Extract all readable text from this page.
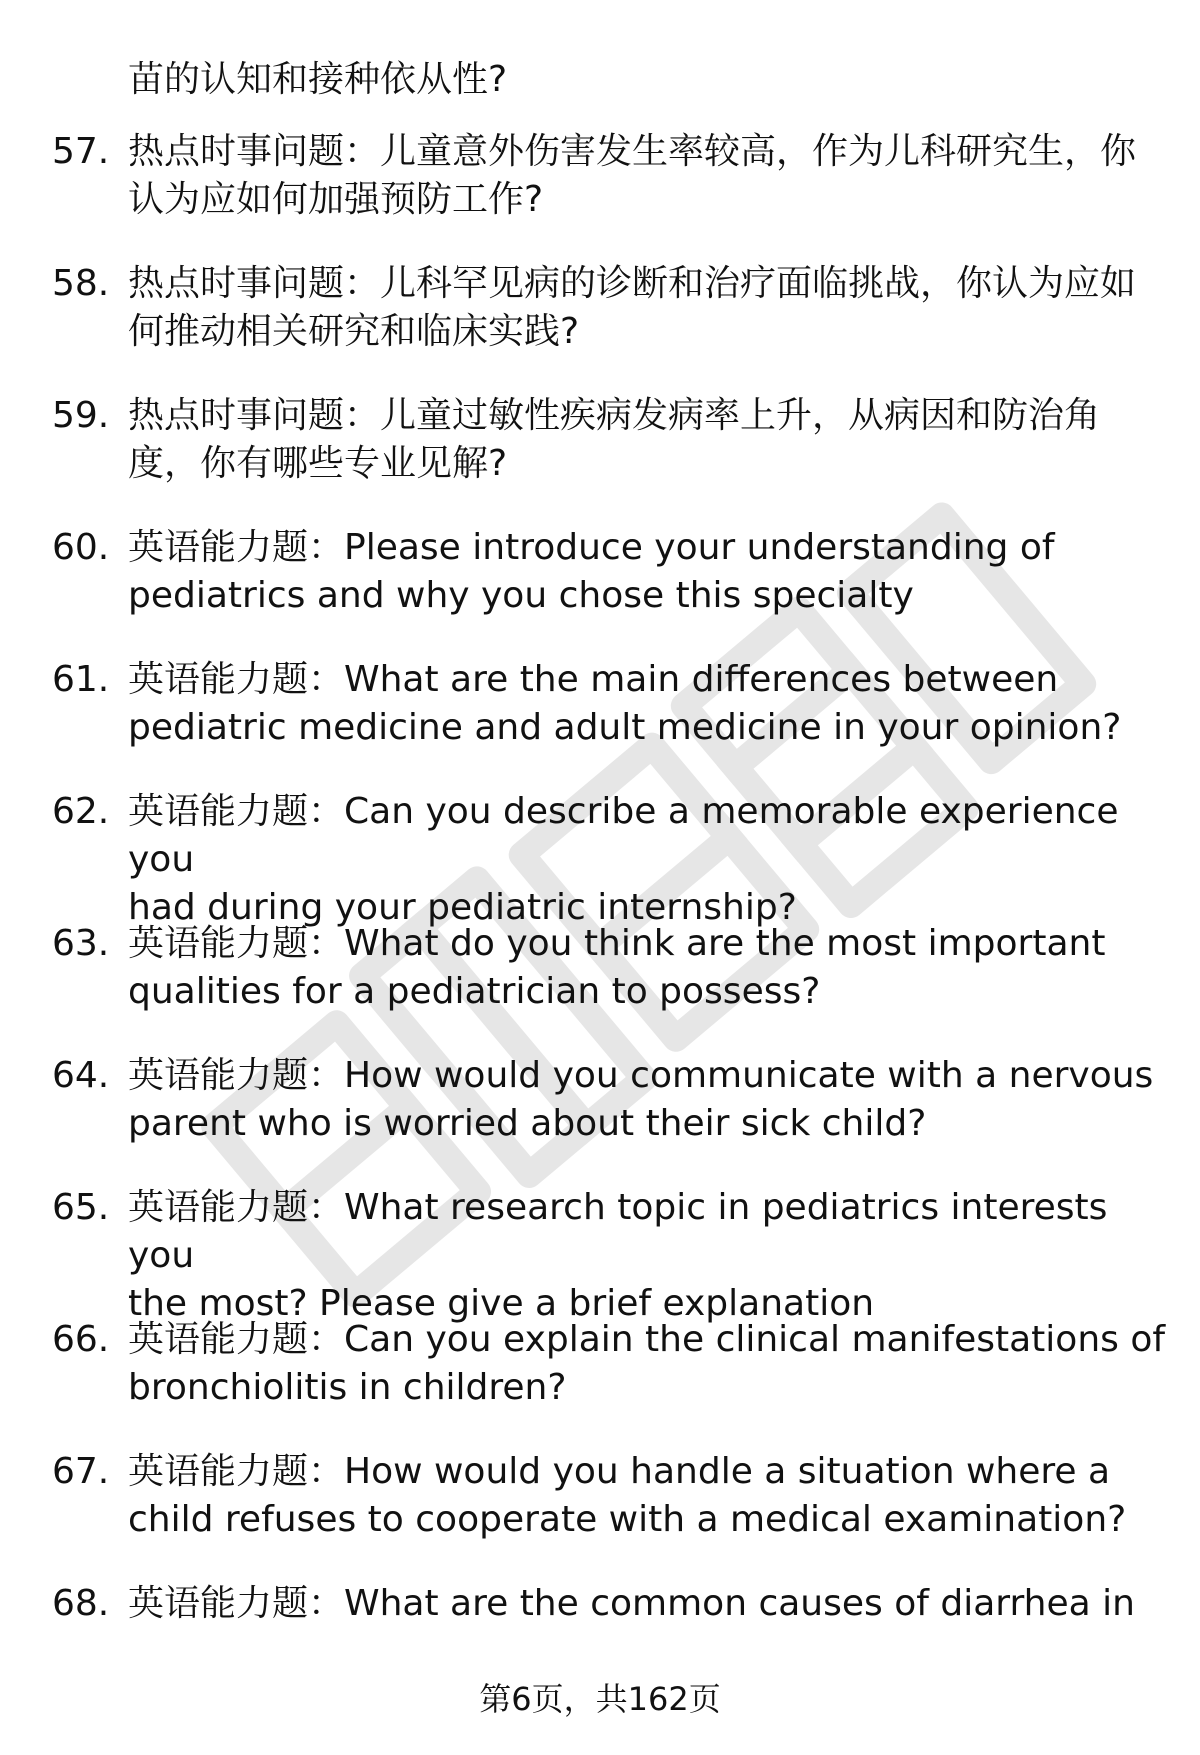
苗的认知和接种依从性?
57. 热点时事问题：儿童意外伤害发生率较高，作为儿科研究生，你
认为应如何加强预防工作?
58. 热点时事问题：儿科罕见病的诊断和治疗面临挑战，你认为应如
何推动相关研究和临床实践?
59. 热点时事问题：儿童过敏性疾病发病率上升，从病因和防治角
度，你有哪些专业见解?
60. 英语能力题：Please introduce your understanding of
pediatrics and why you chose this specialty
61. 英语能力题：What are the main differences between
pediatric medicine and adult medicine in your opinion?
62. 英语能力题：Can you describe a memorable experience you
had during your pediatric internship?
63. 英语能力题：What do you think are the most important
qualities for a pediatrician to possess?
64. 英语能力题：How would you communicate with a nervous
parent who is worried about their sick child?
65. 英语能力题：What research topic in pediatrics interests you
the most? Please give a brief explanation
66. 英语能力题：Can you explain the clinical manifestations of
bronchiolitis in children?
67. 英语能力题：How would you handle a situation where a
child refuses to cooperate with a medical examination?
68. 英语能力题：What are the common causes of diarrhea in
第6页，共162页
